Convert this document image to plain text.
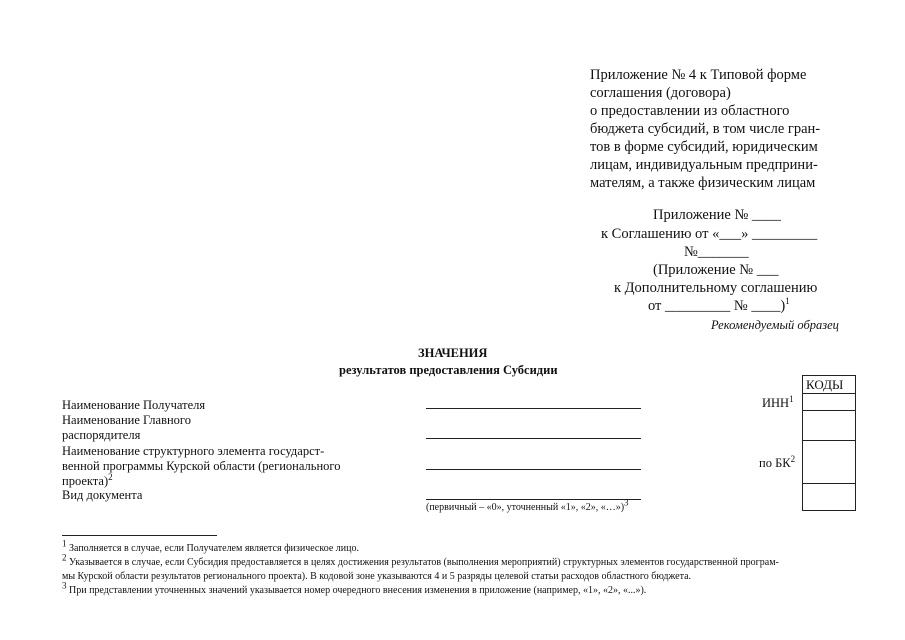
Приложение № 4 к Типовой форме
соглашения (договора)
о предоставлении из областного
бюджета субсидий, в том числе гран-
тов в форме субсидий, юридическим
лицам, индивидуальным предприни-
мателям, а также физическим лицам
Приложение № ____
к Соглашению от «___» _________
№_______
(Приложение № ___
к Дополнительному соглашению
от _________ № ____)$^1$
Рекомендуемый образец
ЗНАЧЕНИЯ
результатов предоставления Субсидии
Наименование Получателя
Наименование Главного
распорядителя
Наименование структурного элемента государст-
венной программы Курской области (регионального
проекта)$^2$
Вид документа
(первичный – «0», уточненный «1», «2», «…»)$^3$
КОДЫ
ИНН$^1$
по $БК^2$
$^1$ Заполняется в случае, если Получателем является физическое лицо.
$^2$ Указывается в случае, если Субсидия предоставляется в целях достижения результатов (выполнения мероприятий) структурных элементов государственной програм-
мы Курской области результатов регионального проекта). В кодовой зоне указываются 4 и 5 разряды целевой статьи расходов областного бюджета.
$^3$ При представлении уточненных значений указывается номер очередного внесения изменения в приложение (например, «1», «2», «...»).
